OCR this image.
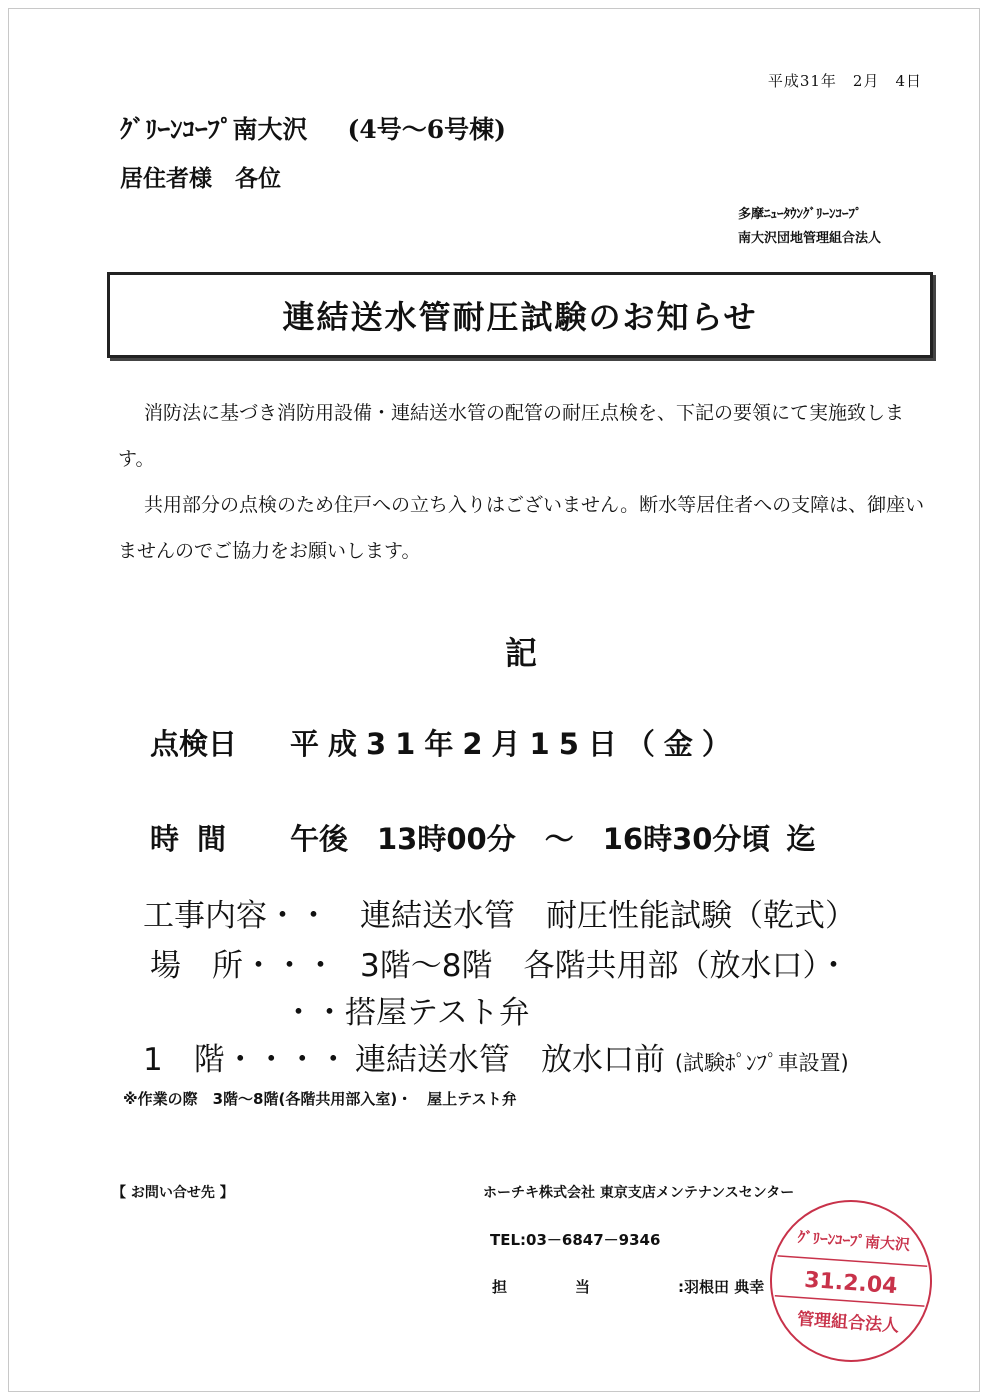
平成31年　2月　4日
ｸﾞﾘｰﾝｺｰﾌﾟ南大沢 (4号～6号棟)
居住者様　各位
多摩ﾆｭｰﾀｳﾝｸﾞﾘｰﾝｺｰﾌﾟ
南大沢団地管理組合法人
連結送水管耐圧試験のお知らせ
消防法に基づき消防用設備・連結送水管の配管の耐圧点検を、下記の要領にて実施致します。
共用部分の点検のため住戸への立ち入りはございません。断水等居住者への支障は、御座いませんのでご協力をお願いします。
記
点検日 平成31年2月15日（金）
時間 午後　13時00分　～　16時30分頃 迄
工事内容・・ 連結送水管　耐圧性能試験（乾式）
場　所・・・ 3階～8階　各階共用部（放水口）・
・・搭屋テスト弁
1　階・・・・ 連結送水管　放水口前 (試験ﾎﾟﾝﾌﾟ車設置)
※作業の際　3階～8階(各階共用部入室)・　屋上テスト弁
【 お問い合せ先 】	ホーチキ株式会社 東京支店メンテナンスセンター
TEL:03－6847－9346
担当 :羽根田 典幸
ｸﾞﾘｰﾝｺｰﾌﾟ南大沢
31.2.04
管理組合法人
